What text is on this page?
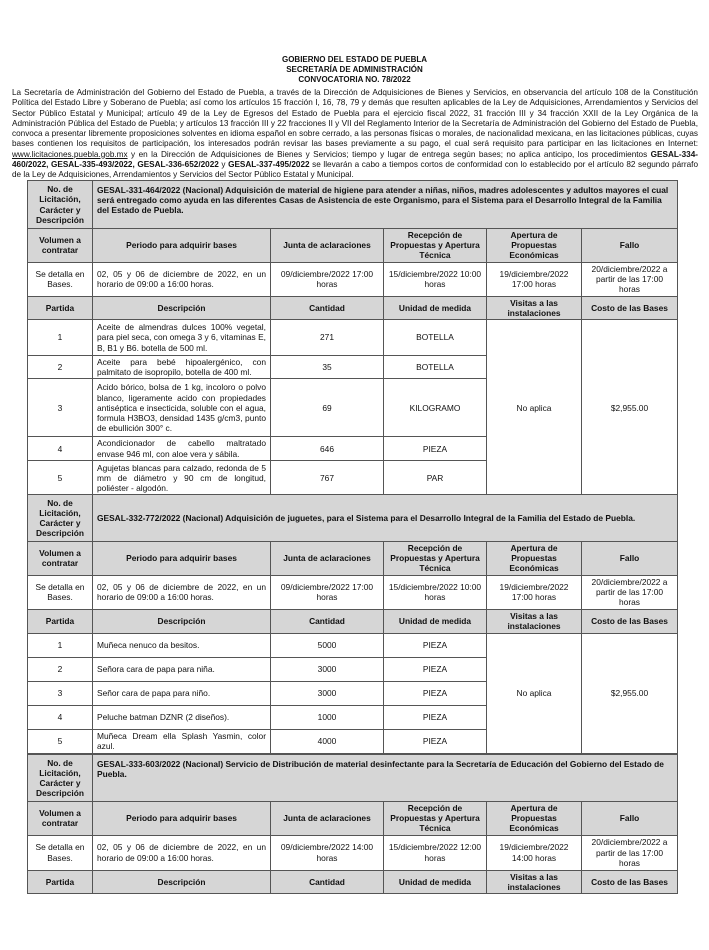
GOBIERNO DEL ESTADO DE PUEBLA
SECRETARÍA DE ADMINISTRACIÓN
CONVOCATORIA NO. 78/2022
La Secretaría de Administración del Gobierno del Estado de Puebla, a través de la Dirección de Adquisiciones de Bienes y Servicios, en observancia del artículo 108 de la Constitución Política del Estado Libre y Soberano de Puebla; así como los artículos 15 fracción I, 16, 78, 79 y demás que resulten aplicables de la Ley de Adquisiciones, Arrendamientos y Servicios del Sector Público Estatal y Municipal; artículo 49 de la Ley de Egresos del Estado de Puebla para el ejercicio fiscal 2022, 31 fracción III y 34 fracción XXII de la Ley Orgánica de la Administración Pública del Estado de Puebla; y artículos 13 fracción III y 22 fracciones II y VII del Reglamento Interior de la Secretaría de Administración del Gobierno del Estado de Puebla, convoca a presentar libremente proposiciones solventes en idioma español en sobre cerrado, a las personas físicas o morales, de nacionalidad mexicana, en las licitaciones públicas, cuyas bases contienen los requisitos de participación, los interesados podrán revisar las bases previamente a su pago, el cual será requisito para participar en las licitaciones en Internet: www.licitaciones.puebla.gob.mx y en la Dirección de Adquisiciones de Bienes y Servicios; tiempo y lugar de entrega según bases; no aplica anticipo, los procedimientos GESAL-334-460/2022, GESAL-335-493/2022, GESAL-336-652/2022 y GESAL-337-495/2022 se llevarán a cabo a tiempos cortos de conformidad con lo establecido por el artículo 82 segundo párrafo de la Ley de Adquisiciones, Arrendamientos y Servicios del Sector Público Estatal y Municipal.
No. de Licitación, Carácter y Descripción	GESAL-331-464/2022 (Nacional) Adquisición de material de higiene para atender a niñas, niños, madres adolescentes y adultos mayores el cual será entregado como ayuda en las diferentes Casas de Asistencia de este Organismo, para el Sistema para el Desarrollo Integral de la Familia del Estado de Puebla.				
Volumen a contratar	Periodo para adquirir bases	Junta de aclaraciones	Recepción de Propuestas y Apertura Técnica	Apertura de Propuestas Económicas	Fallo
Se detalla en Bases.	02, 05 y 06 de diciembre de 2022, en un horario de 09:00 a 16:00 horas.	09/diciembre/2022 17:00 horas	15/diciembre/2022 10:00 horas	19/diciembre/2022 17:00 horas	20/diciembre/2022 a partir de las 17:00 horas
Partida	Descripción	Cantidad	Unidad de medida	Visitas a las instalaciones	Costo de las Bases
1	Aceite de almendras dulces 100% vegetal, para piel seca, con omega 3 y 6, vitaminas E, B, B1 y B6. botella de 500 ml.	271	BOTELLA	No aplica	$2,955.00
2	Aceite para bebé hipoalergénico, con palmitato de isopropilo, botella de 400 ml.	35	BOTELLA		
3	Acido bórico, bolsa de 1 kg, incoloro o polvo blanco, ligeramente acido con propiedades antiséptica e insecticida, soluble con el agua, formula H3BO3, densidad 1435 g/cm3, punto de ebullición 300° c.	69	KILOGRAMO		
4	Acondicionador de cabello maltratado envase 946 ml, con aloe vera y sábila.	646	PIEZA		
5	Agujetas blancas para calzado, redonda de 5 mm de diámetro y 90 cm de longitud, poliéster - algodón.	767	PAR		
No. de Licitación, Carácter y Descripción	GESAL-332-772/2022 (Nacional) Adquisición de juguetes, para el Sistema para el Desarrollo Integral de la Familia del Estado de Puebla.				
Volumen a contratar	Periodo para adquirir bases	Junta de aclaraciones	Recepción de Propuestas y Apertura Técnica	Apertura de Propuestas Económicas	Fallo
Se detalla en Bases.	02, 05 y 06 de diciembre de 2022, en un horario de 09:00 a 16:00 horas.	09/diciembre/2022 17:00 horas	15/diciembre/2022 10:00 horas	19/diciembre/2022 17:00 horas	20/diciembre/2022 a partir de las 17:00 horas
Partida	Descripción	Cantidad	Unidad de medida	Visitas a las instalaciones	Costo de las Bases
1	Muñeca nenuco da besitos.	5000	PIEZA	No aplica	$2,955.00
2	Señora cara de papa para niña.	3000	PIEZA		
3	Señor cara de papa para niño.	3000	PIEZA		
4	Peluche batman DZNR (2 diseños).	1000	PIEZA		
5	Muñeca Dream ella Splash Yasmin, color azul.	4000	PIEZA		
No. de Licitación, Carácter y Descripción	GESAL-333-603/2022 (Nacional) Servicio de Distribución de material desinfectante para la Secretaría de Educación del Gobierno del Estado de Puebla.				
Volumen a contratar	Periodo para adquirir bases	Junta de aclaraciones	Recepción de Propuestas y Apertura Técnica	Apertura de Propuestas Económicas	Fallo
Se detalla en Bases.	02, 05 y 06 de diciembre de 2022, en un horario de 09:00 a 16:00 horas.	09/diciembre/2022 14:00 horas	15/diciembre/2022 12:00 horas	19/diciembre/2022 14:00 horas	20/diciembre/2022 a partir de las 17:00 horas
Partida	Descripción	Cantidad	Unidad de medida	Visitas a las instalaciones	Costo de las Bases
